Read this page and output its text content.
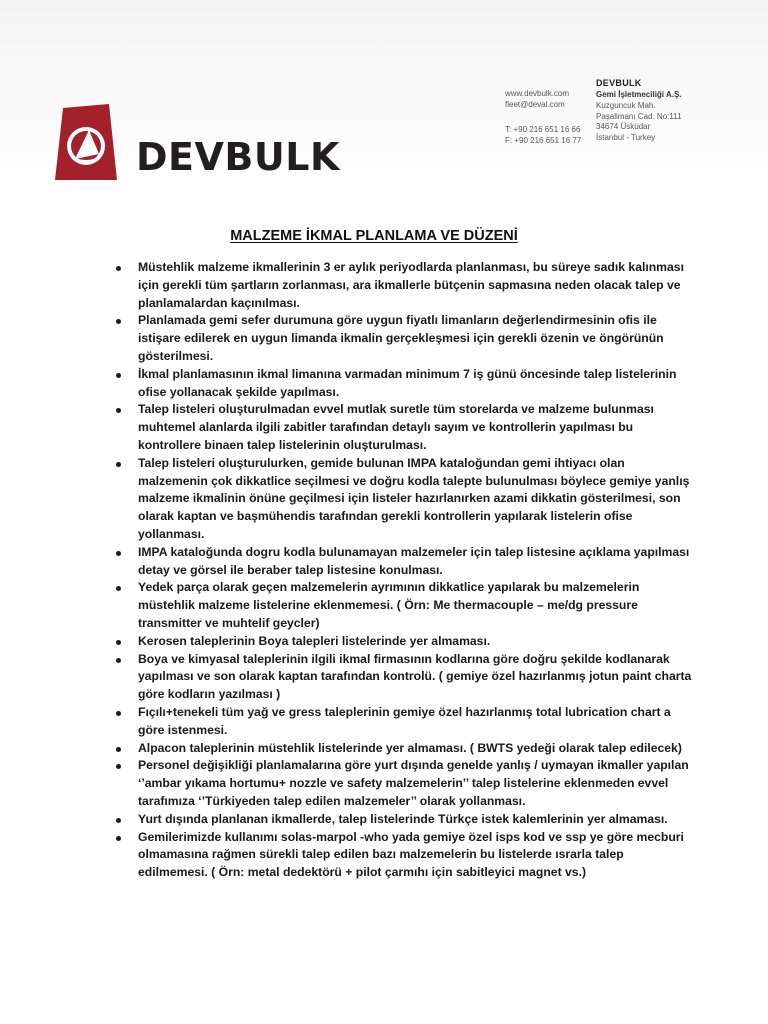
DEVBULK
www.devbulk.com
fleet@deval.com
T: +90 216 651 16 66
F: +90 216 651 16 77
DEVBULK
Gemi İşletmeciliği A.Ş.
Kuzguncuk Mah.
Paşalimanı Cad. No:111
34674 Üsküdar
İstanbul - Turkey
MALZEME İKMAL PLANLAMA VE DÜZENİ
Müstehlik malzeme ikmallerinin 3 er aylık periyodlarda planlanması, bu süreye sadık kalınması için gerekli tüm şartların zorlanması, ara ikmallerle bütçenin sapmasına neden olacak talep ve planlamalardan kaçınılması.
Planlamada gemi sefer durumuna göre uygun fiyatlı limanların değerlendirmesinin ofis ile istişare edilerek en uygun limanda ikmalin gerçekleşmesi için gerekli özenin ve öngörünün gösterilmesi.
İkmal planlamasının ikmal limanına varmadan minimum 7 iş günü öncesinde talep listelerinin ofise yollanacak şekilde yapılması.
Talep listeleri oluşturulmadan evvel mutlak suretle tüm storelarda ve malzeme bulunması muhtemel alanlarda ilgili zabitler tarafından detaylı sayım ve kontrollerin yapılması bu kontrollere binaen talep listelerinin oluşturulması.
Talep listeleri oluşturulurken, gemide bulunan IMPA kataloğundan gemi ihtiyacı olan malzemenin çok dikkatlice seçilmesi ve doğru kodla talepte bulunulması böylece gemiye yanlış malzeme ikmalinin önüne geçilmesi için listeler hazırlanırken azami dikkatin gösterilmesi, son olarak kaptan ve başmühendis tarafından gerekli kontrollerin yapılarak listelerin ofise yollanması.
IMPA kataloğunda dogru kodla bulunamayan malzemeler için talep listesine açıklama yapılması detay ve görsel ile beraber talep listesine konulması.
Yedek parça olarak geçen malzemelerin ayrımının dikkatlice yapılarak bu malzemelerin müstehlik malzeme listelerine eklenmemesi. ( Örn: Me thermacouple – me/dg pressure transmitter ve muhtelif geycler)
Kerosen taleplerinin Boya talepleri listelerinde yer almaması.
Boya ve kimyasal taleplerinin ilgili ikmal firmasının kodlarına göre doğru şekilde kodlanarak yapılması ve son olarak kaptan tarafından kontrolü. ( gemiye özel hazırlanmış jotun paint charta göre kodların yazılması )
Fıçılı+tenekeli tüm yağ ve gress taleplerinin gemiye özel hazırlanmış total lubrication chart a göre istenmesi.
Alpacon taleplerinin müstehlik listelerinde yer almaması. ( BWTS yedeği olarak talep edilecek)
Personel değişikliği planlamalarına göre yurt dışında genelde yanlış / uymayan ikmaller yapılan ‘’ambar yıkama hortumu+ nozzle ve safety malzemelerin’’ talep listelerine eklenmeden evvel tarafımıza ‘’Türkiyeden talep edilen malzemeler’’ olarak yollanması.
Yurt dışında planlanan ikmallerde, talep listelerinde Türkçe istek kalemlerinin yer almaması.
Gemilerimizde kullanımı solas-marpol -who yada gemiye özel isps kod ve ssp ye göre mecburi olmamasına rağmen sürekli talep edilen bazı malzemelerin bu listelerde ısrarla talep edilmemesi. ( Örn: metal dedektörü + pilot çarmıhı için sabitleyici magnet vs.)
